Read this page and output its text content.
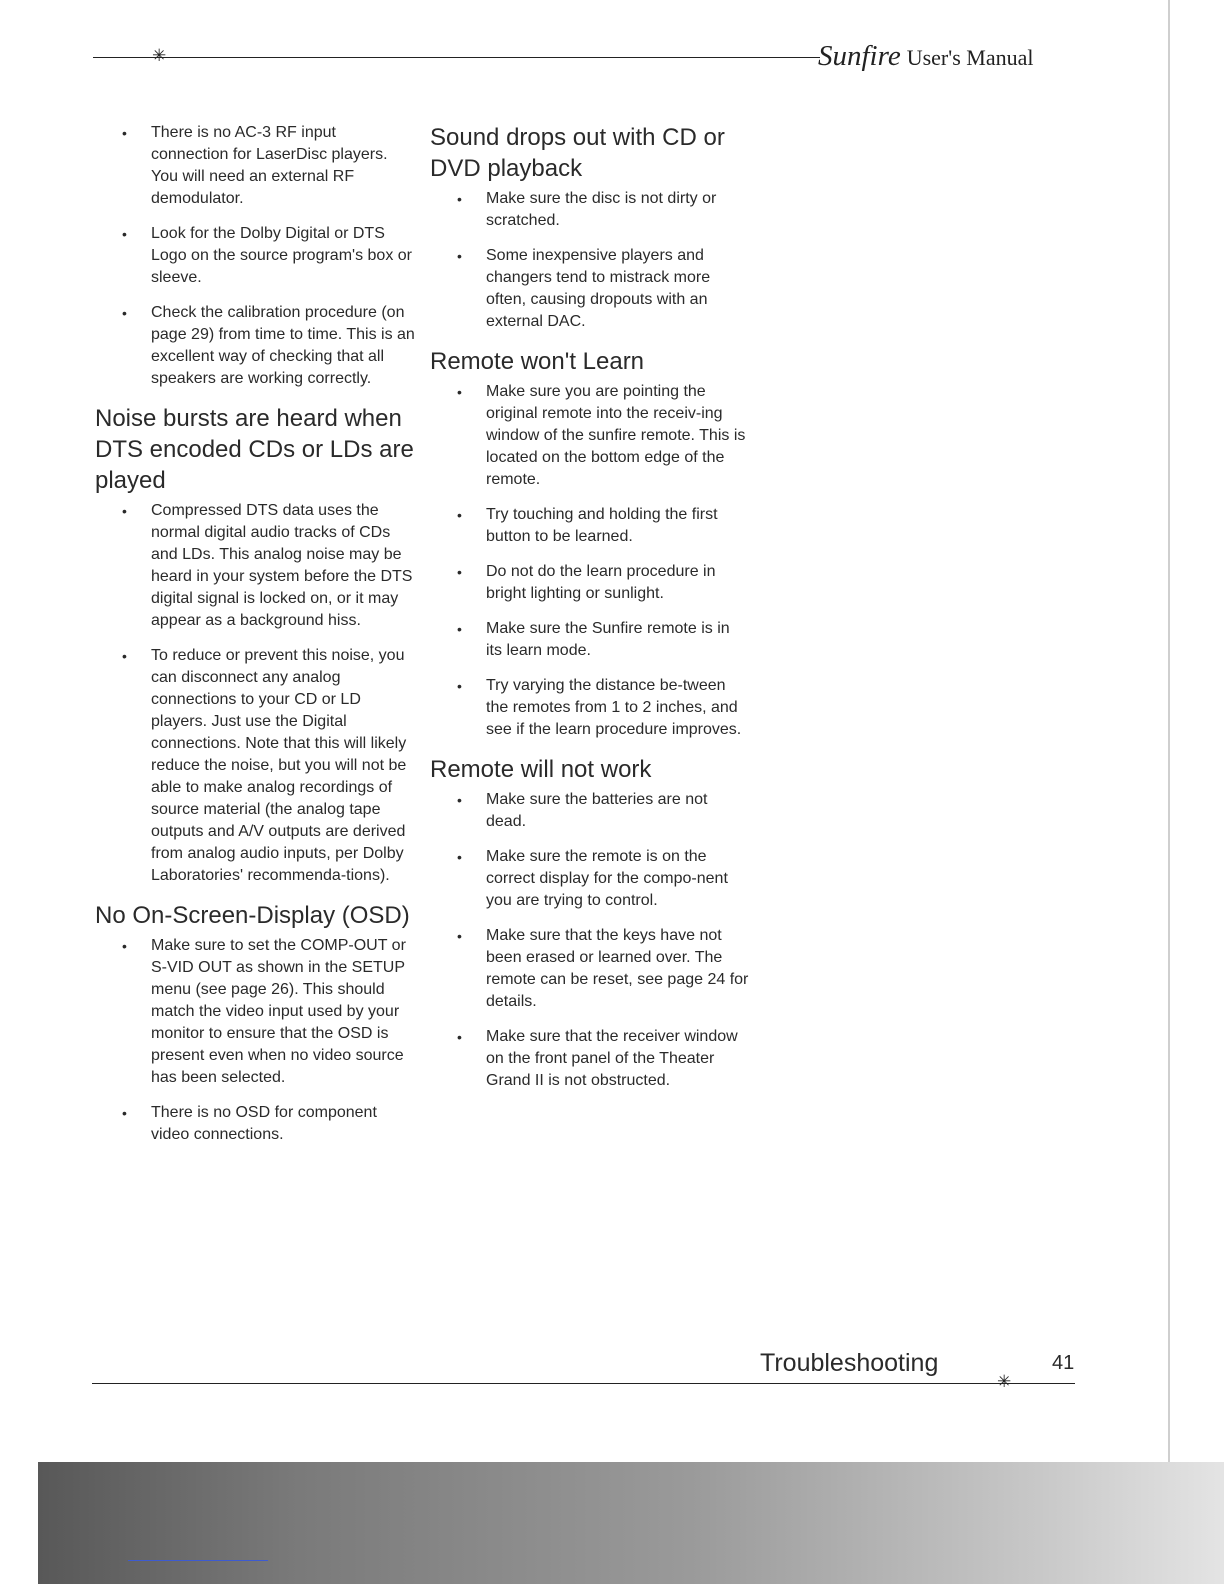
✳	Sunfire User's Manual
• There is no AC-3 RF input connection for LaserDisc players. You will need an external RF demodulator.
• Look for the Dolby Digital or DTS Logo on the source program's box or sleeve.
• Check the calibration procedure (on page 29) from time to time. This is an excellent way of checking that all speakers are working correctly.
Noise bursts are heard when DTS encoded CDs or LDs are played
• Compressed DTS data uses the normal digital audio tracks of CDs and LDs. This analog noise may be heard in your system before the DTS digital signal is locked on, or it may appear as a background hiss.
• To reduce or prevent this noise, you can disconnect any analog connections to your CD or LD players. Just use the Digital connections. Note that this will likely reduce the noise, but you will not be able to make analog recordings of source material (the analog tape outputs and A/V outputs are derived from analog audio inputs, per Dolby Laboratories' recommenda-tions).
No On-Screen-Display (OSD)
• Make sure to set the COMP-OUT or S-VID OUT as shown in the SETUP menu (see page 26). This should match the video input used by your monitor to ensure that the OSD is present even when no video source has been selected.
• There is no OSD for component video connections.
Sound drops out with CD or DVD playback
• Make sure the disc is not dirty or scratched.
• Some inexpensive players and changers tend to mistrack more often, causing dropouts with an external DAC.
Remote won't Learn
• Make sure you are pointing the original remote into the receiv-ing window of the sunfire remote. This is located on the bottom edge of the remote.
• Try touching and holding the first button to be learned.
• Do not do the learn procedure in bright lighting or sunlight.
• Make sure the Sunfire remote is in its learn mode.
• Try varying the distance be-tween the remotes from 1 to 2 inches, and see if the learn procedure improves.
Remote will not work
• Make sure the batteries are not dead.
• Make sure the remote is on the correct display for the compo-nent you are trying to control.
• Make sure that the keys have not been erased or learned over. The remote can be reset, see page 24 for details.
• Make sure that the receiver window on the front panel of the Theater Grand II is not obstructed.
Troubleshooting	41
✳
